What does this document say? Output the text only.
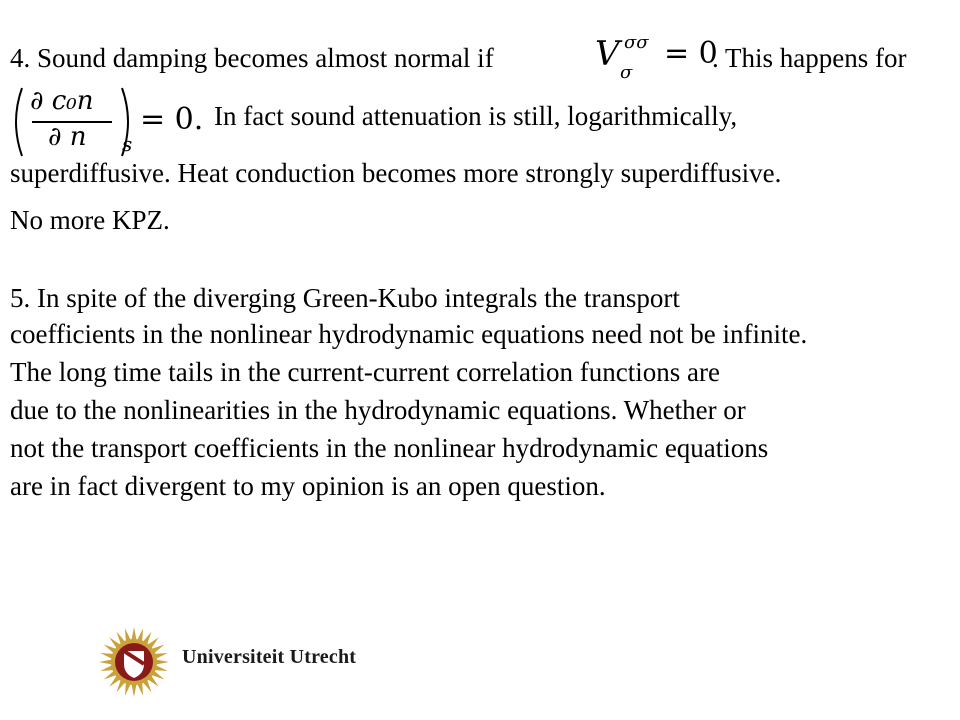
4. Sound damping becomes almost normal if	V σσ
σ
= 0
. This happens for
∂ c₀n
∂ n s
= 0. In fact sound attenuation is still, logarithmically,
superdiffusive. Heat conduction becomes more strongly superdiffusive.
No more KPZ.
5. In spite of the diverging Green-Kubo integrals the transport
coefficients in the nonlinear hydrodynamic equations need not be infinite.
The long time tails in the current-current correlation functions are
due to the nonlinearities in the hydrodynamic equations. Whether or
not the transport coefficients in the nonlinear hydrodynamic equations
are in fact divergent to my opinion is an open question.
Universiteit Utrecht
